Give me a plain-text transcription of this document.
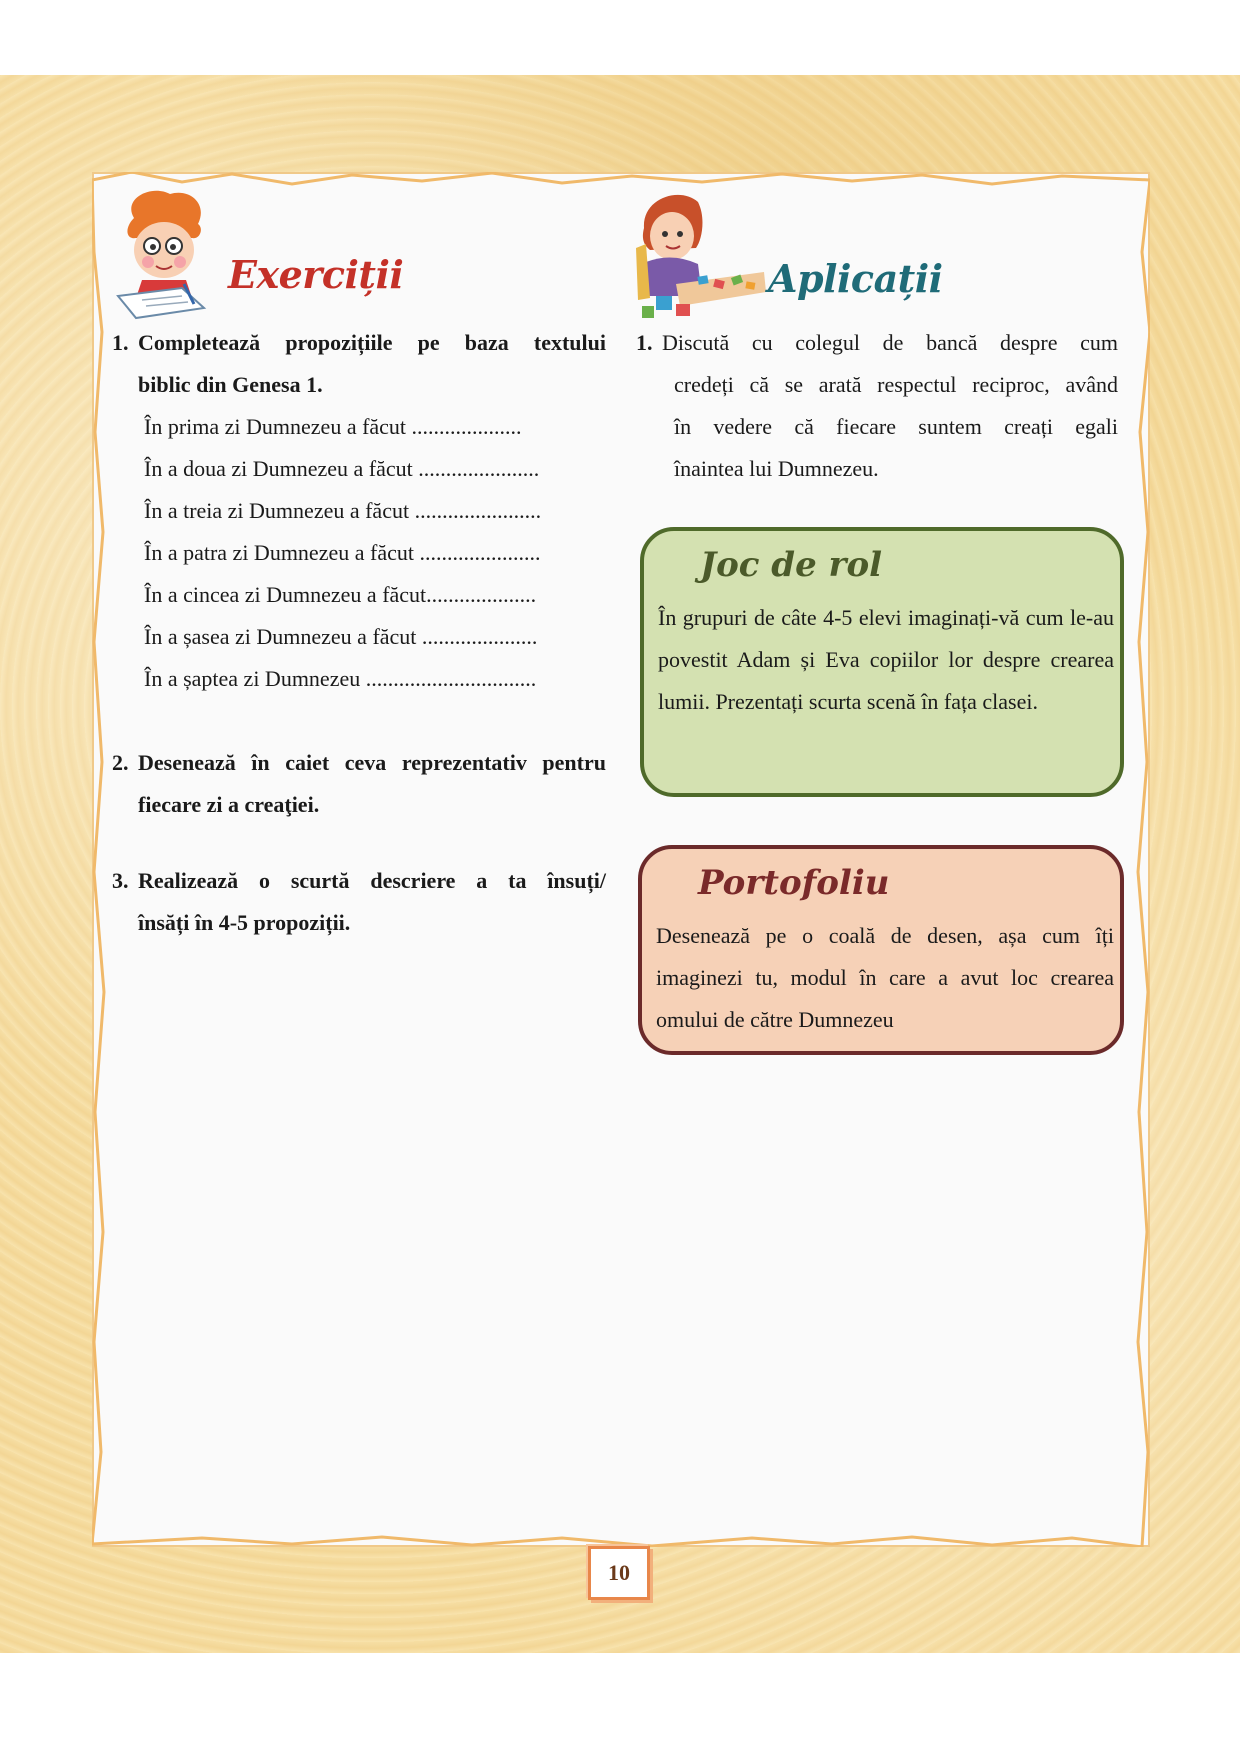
Exerciții	Aplicații
1. Completează propozițiile pe baza textului
biblic din Genesa 1.
În prima zi Dumnezeu a făcut ....................
În a doua zi Dumnezeu a făcut ......................
În a treia zi Dumnezeu a făcut .......................
În a patra zi Dumnezeu a făcut ......................
În a cincea zi Dumnezeu a făcut....................
În a șasea zi Dumnezeu a făcut .....................
În a șaptea zi Dumnezeu ...............................
2. Desenează în caiet ceva reprezentativ pentru
fiecare zi a creaţiei.
3. Realizează o scurtă descriere a ta însuți/
însăți în 4-5 propoziții.
1. Discută cu colegul de bancă despre cum
credeți că se arată respectul reciproc, având
în vedere că fiecare suntem creați egali
înaintea lui Dumnezeu.
Joc de rol
În grupuri de câte 4-5 elevi imaginați-vă cum le-au povestit Adam și Eva copiilor lor despre crearea lumii. Prezentați scurta scenă în fața clasei.
Portofoliu
Desenează pe o coală de desen, așa cum îți imaginezi tu, modul în care a avut loc crearea omului de către Dumnezeu
10
